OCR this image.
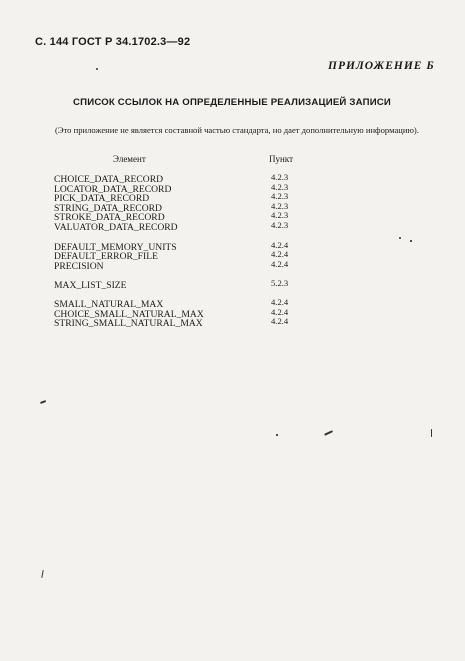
С. 144 ГОСТ Р 34.1702.3—92
ПРИЛОЖЕНИЕ Б
СПИСОК ССЫЛОК НА ОПРЕДЕЛЕННЫЕ РЕАЛИЗАЦИЕЙ ЗАПИСИ
(Это приложение не является составной частью стандарта, но дает дополнительную информацию).
Элемент	Пункт
CHOICE_DATA_RECORD
LOCATOR_DATA_RECORD
PICK_DATA_RECORD
STRING_DATA_RECORD
STROKE_DATA_RECORD
VALUATOR_DATA_RECORD
DEFAULT_MEMORY_UNITS
DEFAULT_ERROR_FILE
PRECISION
MAX_LIST_SIZE
SMALL_NATURAL_MAX
CHOICE_SMALL_NATURAL_MAX
STRING_SMALL_NATURAL_MAX
4.2.3
4.2.3
4.2.3
4.2.3
4.2.3
4.2.3
4.2.4
4.2.4
4.2.4
5.2.3
4.2.4
4.2.4
4.2.4
